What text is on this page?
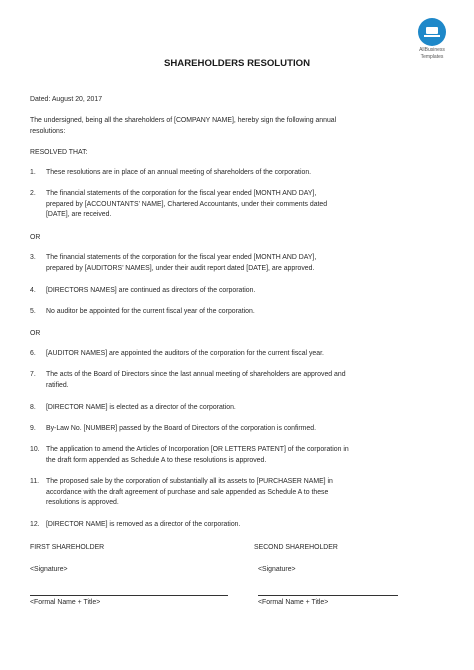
AllBusiness
Templates
SHAREHOLDERS RESOLUTION
Dated: August 20, 2017
The undersigned, being all the shareholders of [COMPANY NAME], hereby sign the following annual
resolutions:
RESOLVED THAT:
1. These resolutions are in place of an annual meeting of shareholders of the corporation.
2. The financial statements of the corporation for the fiscal year ended [MONTH AND DAY],
prepared by [ACCOUNTANTS’ NAME], Chartered Accountants, under their comments dated
[DATE], are received.
OR
3. The financial statements of the corporation for the fiscal year ended [MONTH AND DAY],
prepared by [AUDITORS’ NAMES], under their audit report dated [DATE], are approved.
4. [DIRECTORS NAMES] are continued as directors of the corporation.
5. No auditor be appointed for the current fiscal year of the corporation.
OR
6. [AUDITOR NAMES] are appointed the auditors of the corporation for the current fiscal year.
7. The acts of the Board of Directors since the last annual meeting of shareholders are approved and
ratified.
8. [DIRECTOR NAME] is elected as a director of the corporation.
9. By-Law No. [NUMBER] passed by the Board of Directors of the corporation is confirmed.
10. The application to amend the Articles of Incorporation [OR LETTERS PATENT] of the corporation in
the draft form appended as Schedule A to these resolutions is approved.
11. The proposed sale by the corporation of substantially all its assets to [PURCHASER NAME] in
accordance with the draft agreement of purchase and sale appended as Schedule A to these
resolutions is approved.
12. [DIRECTOR NAME] is removed as a director of the corporation.
FIRST SHAREHOLDER	SECOND SHAREHOLDER
<Signature>	<Signature>
<Formal Name + Title>	<Formal Name + Title>
